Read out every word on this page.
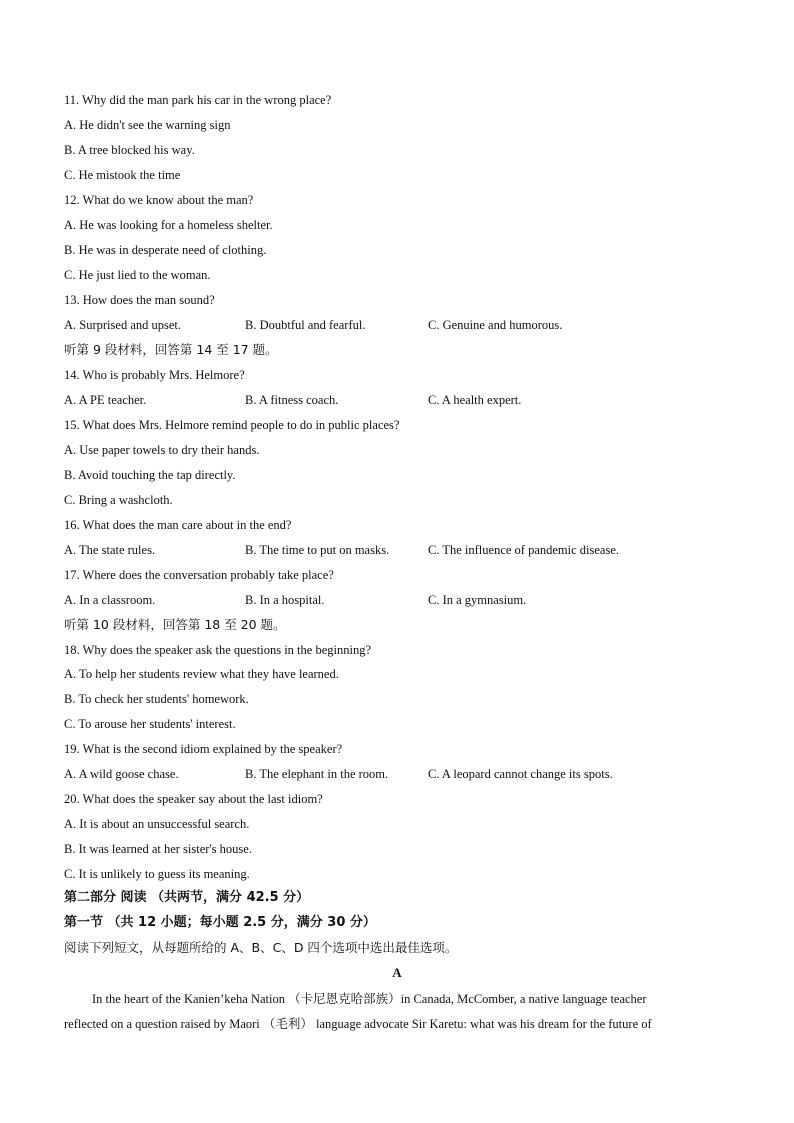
11. Why did the man park his car in the wrong place?
A. He didn't see the warning sign
B. A tree blocked his way.
C. He mistook the time
12. What do we know about the man?
A. He was looking for a homeless shelter.
B. He was in desperate need of clothing.
C. He just lied to the woman.
13. How does the man sound?
A. Surprised and upset.	B. Doubtful and fearful.	C. Genuine and humorous.
听第 9 段材料，回答第 14 至 17 题。
14. Who is probably Mrs. Helmore?
A. A PE teacher.	B. A fitness coach.	C. A health expert.
15. What does Mrs. Helmore remind people to do in public places?
A. Use paper towels to dry their hands.
B. Avoid touching the tap directly.
C. Bring a washcloth.
16. What does the man care about in the end?
A. The state rules.	B. The time to put on masks.	C. The influence of pandemic disease.
17. Where does the conversation probably take place?
A. In a classroom.	B. In a hospital.	C. In a gymnasium.
听第 10 段材料，回答第 18 至 20 题。
18. Why does the speaker ask the questions in the beginning?
A. To help her students review what they have learned.
B. To check her students' homework.
C. To arouse her students' interest.
19. What is the second idiom explained by the speaker?
A. A wild goose chase.	B. The elephant in the room.	C. A leopard cannot change its spots.
20. What does the speaker say about the last idiom?
A. It is about an unsuccessful search.
B. It was learned at her sister's house.
C. It is unlikely to guess its meaning.
第二部分 阅读 （共两节，满分 42.5 分）
第一节 （共 12 小题；每小题 2.5 分，满分 30 分）
阅读下列短文，从每题所给的 A、B、C、D 四个选项中选出最佳选项。
A
In the heart of the Kanien’keha Nation （卡尼恩克哈部族）in Canada, McComber, a native language teacher
reflected on a question raised by Maori （毛利） language advocate Sir Karetu: what was his dream for the future of
